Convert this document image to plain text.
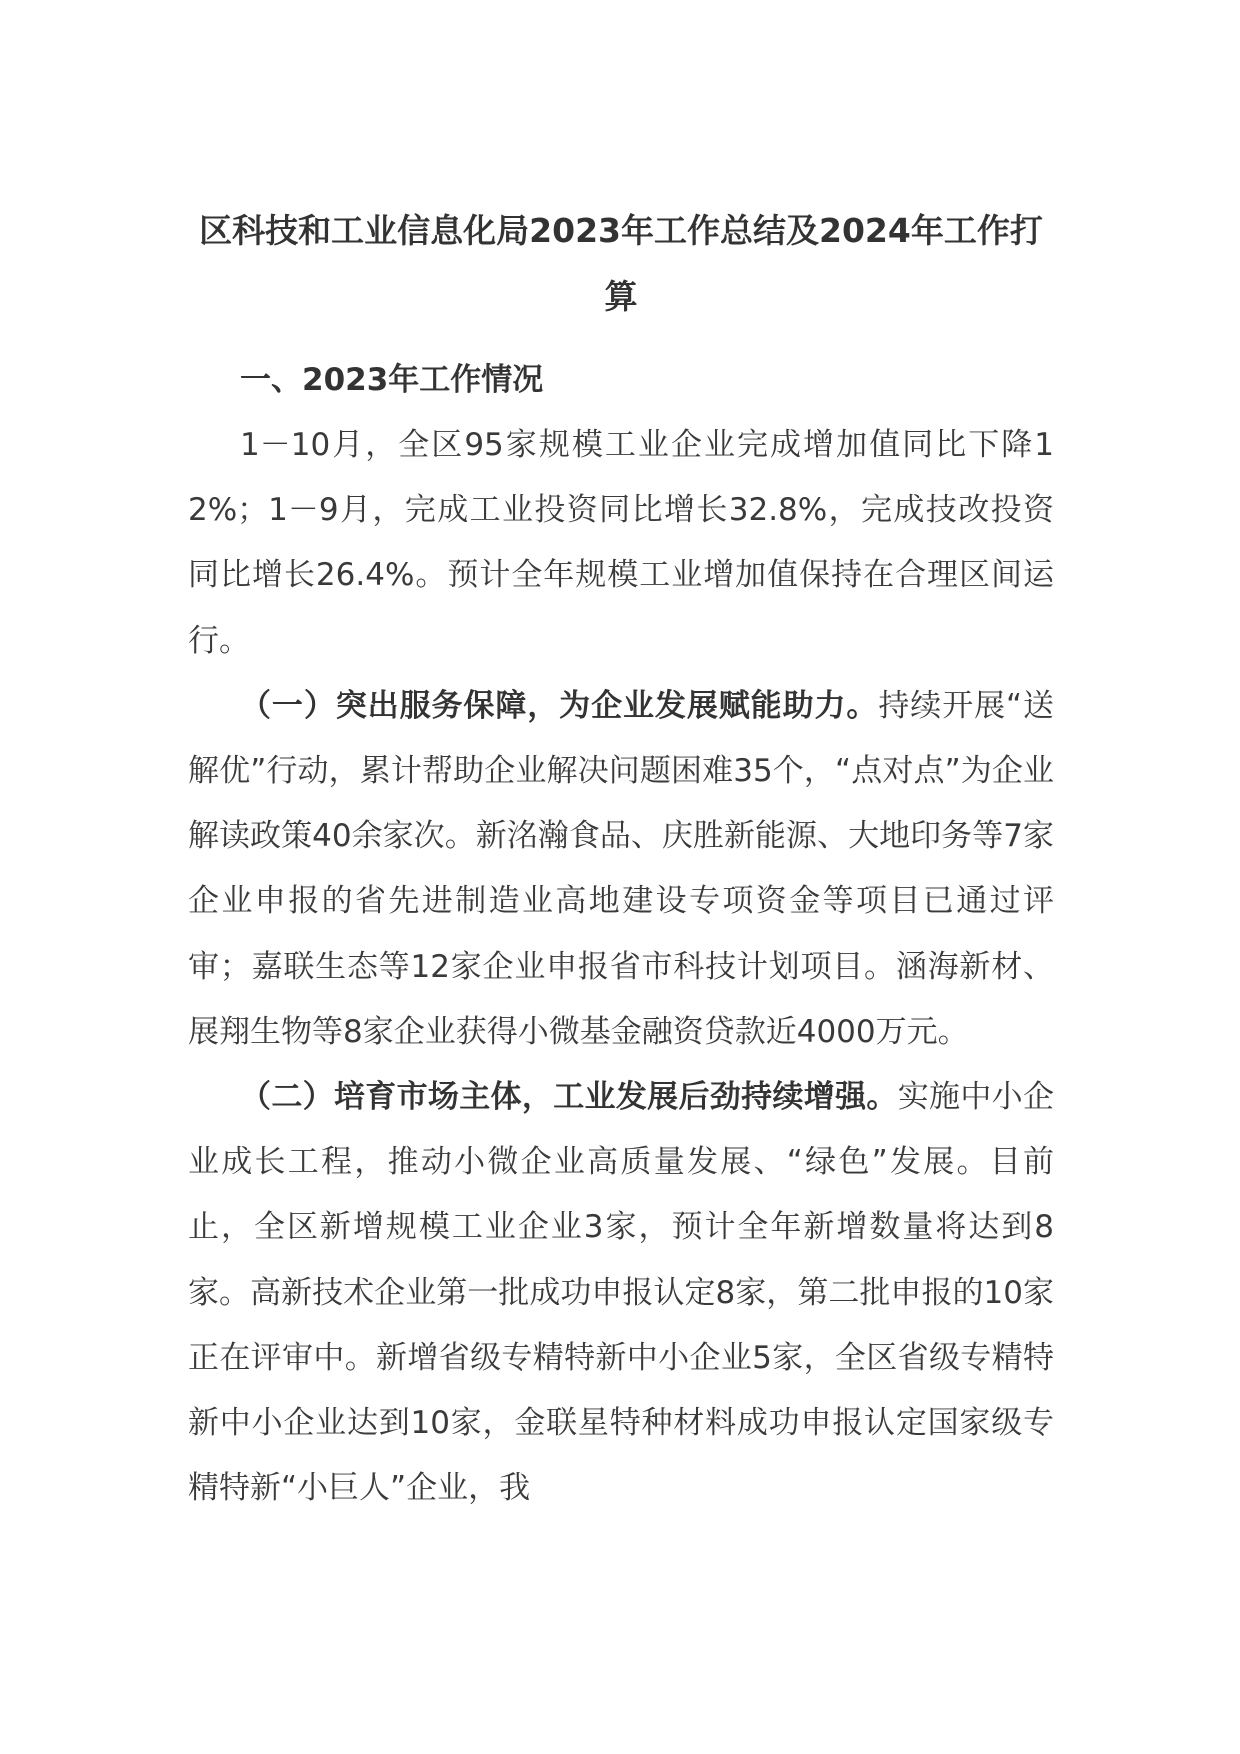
区科技和工业信息化局2023年工作总结及2024年工作打算
一、2023年工作情况

1－10月，全区95家规模工业企业完成增加值同比下降12%；1－9月，完成工业投资同比增长32.8%，完成技改投资同比增长26.4%。预计全年规模工业增加值保持在合理区间运行。

（一）突出服务保障，为企业发展赋能助力。持续开展“送解优”行动，累计帮助企业解决问题困难35个，“点对点”为企业解读政策40余家次。新洺瀚食品、庆胜新能源、大地印务等7家企业申报的省先进制造业高地建设专项资金等项目已通过评审；嘉联生态等12家企业申报省市科技计划项目。涵海新材、展翔生物等8家企业获得小微基金融资贷款近4000万元。

（二）培育市场主体，工业发展后劲持续增强。实施中小企业成长工程，推动小微企业高质量发展、“绿色”发展。目前止，全区新增规模工业企业3家，预计全年新增数量将达到8家。高新技术企业第一批成功申报认定8家，第二批申报的10家正在评审中。新增省级专精特新中小企业5家，全区省级专精特新中小企业达到10家，金联星特种材料成功申报认定国家级专精特新“小巨人”企业，我
